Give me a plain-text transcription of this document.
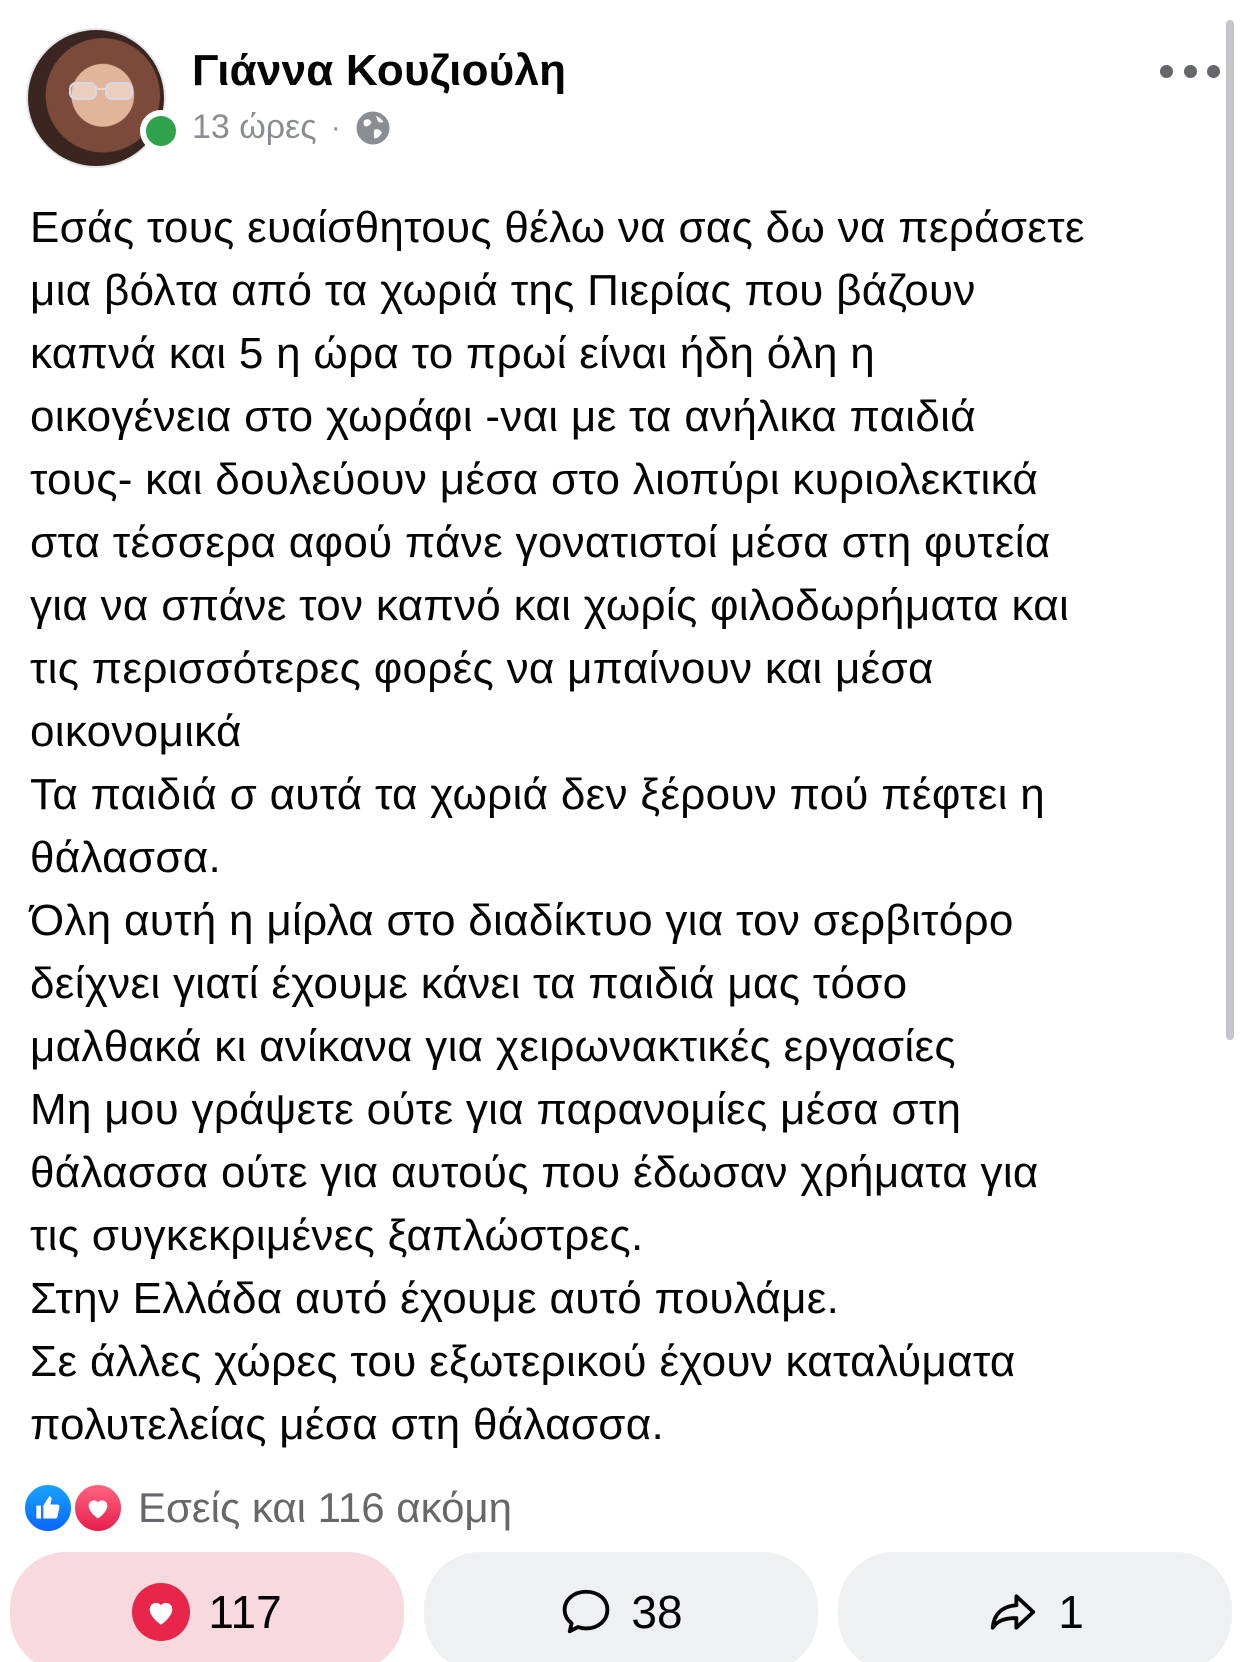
Γιάννα Κουζιούλη
13 ώρες ·
Εσάς τους ευαίσθητους θέλω να σας δω να περάσετε
μια βόλτα από τα χωριά της Πιερίας που βάζουν
καπνά και 5 η ώρα το πρωί είναι ήδη όλη η
οικογένεια στο χωράφι -ναι με τα ανήλικα παιδιά
τους- και δουλεύουν μέσα στο λιοπύρι κυριολεκτικά
στα τέσσερα αφού πάνε γονατιστοί μέσα στη φυτεία
για να σπάνε τον καπνό και χωρίς φιλοδωρήματα και
τις περισσότερες φορές να μπαίνουν και μέσα
οικονομικά
Τα παιδιά σ αυτά τα χωριά δεν ξέρουν πού πέφτει η
θάλασσα.
Όλη αυτή η μίρλα στο διαδίκτυο για τον σερβιτόρο
δείχνει γιατί έχουμε κάνει τα παιδιά μας τόσο
μαλθακά κι ανίκανα για χειρωνακτικές εργασίες
Μη μου γράψετε ούτε για παρανομίες μέσα στη
θάλασσα ούτε για αυτούς που έδωσαν χρήματα για
τις συγκεκριμένες ξαπλώστρες.
Στην Ελλάδα αυτό έχουμε αυτό πουλάμε.
Σε άλλες χώρες του εξωτερικού έχουν καταλύματα
πολυτελείας μέσα στη θάλασσα.
Εσείς και 116 ακόμη
117	38	1
